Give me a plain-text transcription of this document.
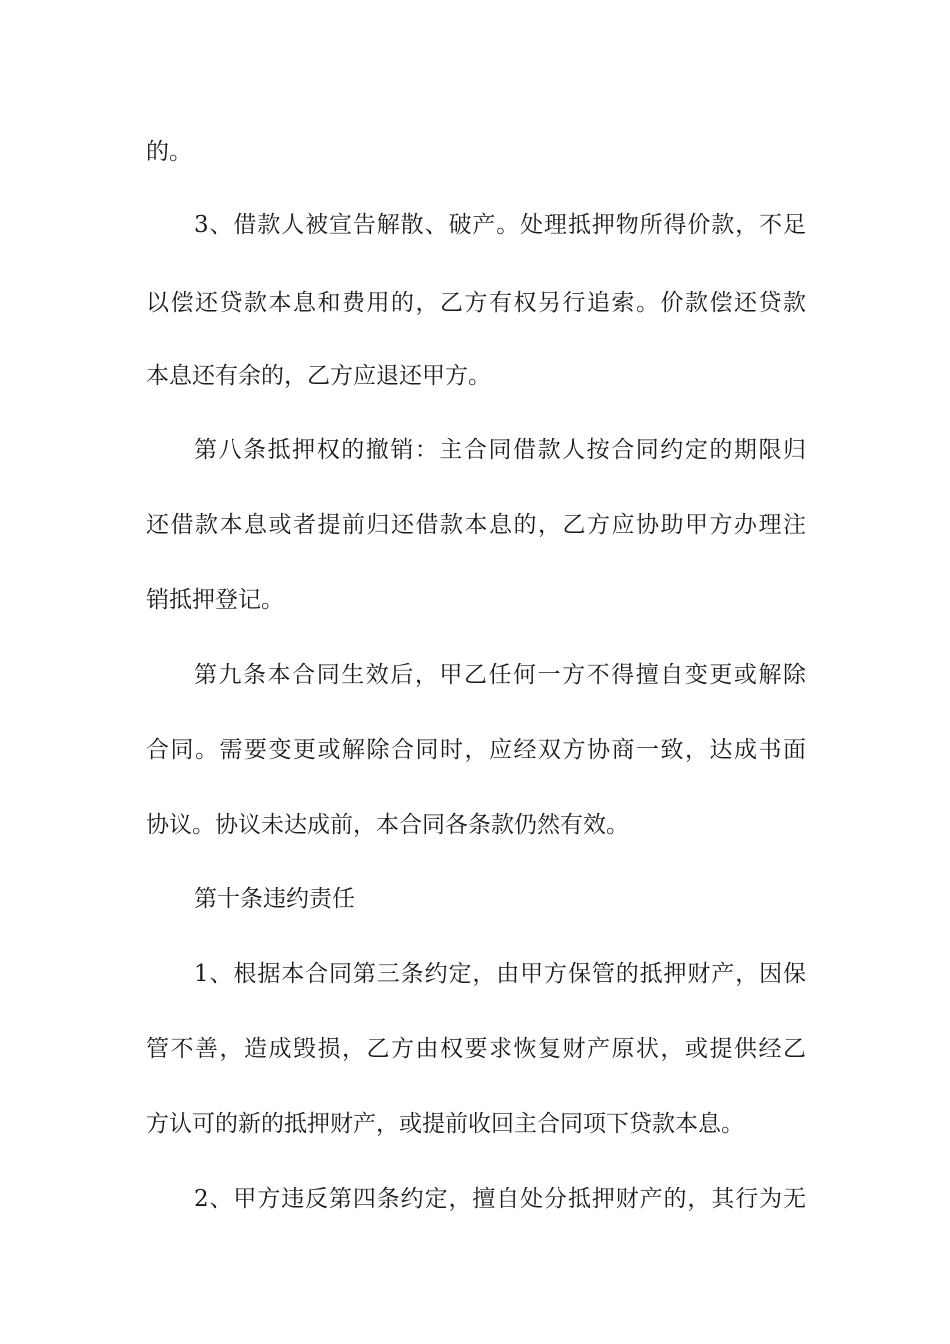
的。
3、借款人被宣告解散、破产。处理抵押物所得价款，不足
以偿还贷款本息和费用的，乙方有权另行追索。价款偿还贷款
本息还有余的，乙方应退还甲方。
第八条抵押权的撤销：主合同借款人按合同约定的期限归
还借款本息或者提前归还借款本息的，乙方应协助甲方办理注
销抵押登记。
第九条本合同生效后，甲乙任何一方不得擅自变更或解除
合同。需要变更或解除合同时，应经双方协商一致，达成书面
协议。协议未达成前，本合同各条款仍然有效。
第十条违约责任
1、根据本合同第三条约定，由甲方保管的抵押财产，因保
管不善，造成毁损，乙方由权要求恢复财产原状，或提供经乙
方认可的新的抵押财产，或提前收回主合同项下贷款本息。
2、甲方违反第四条约定，擅自处分抵押财产的，其行为无
